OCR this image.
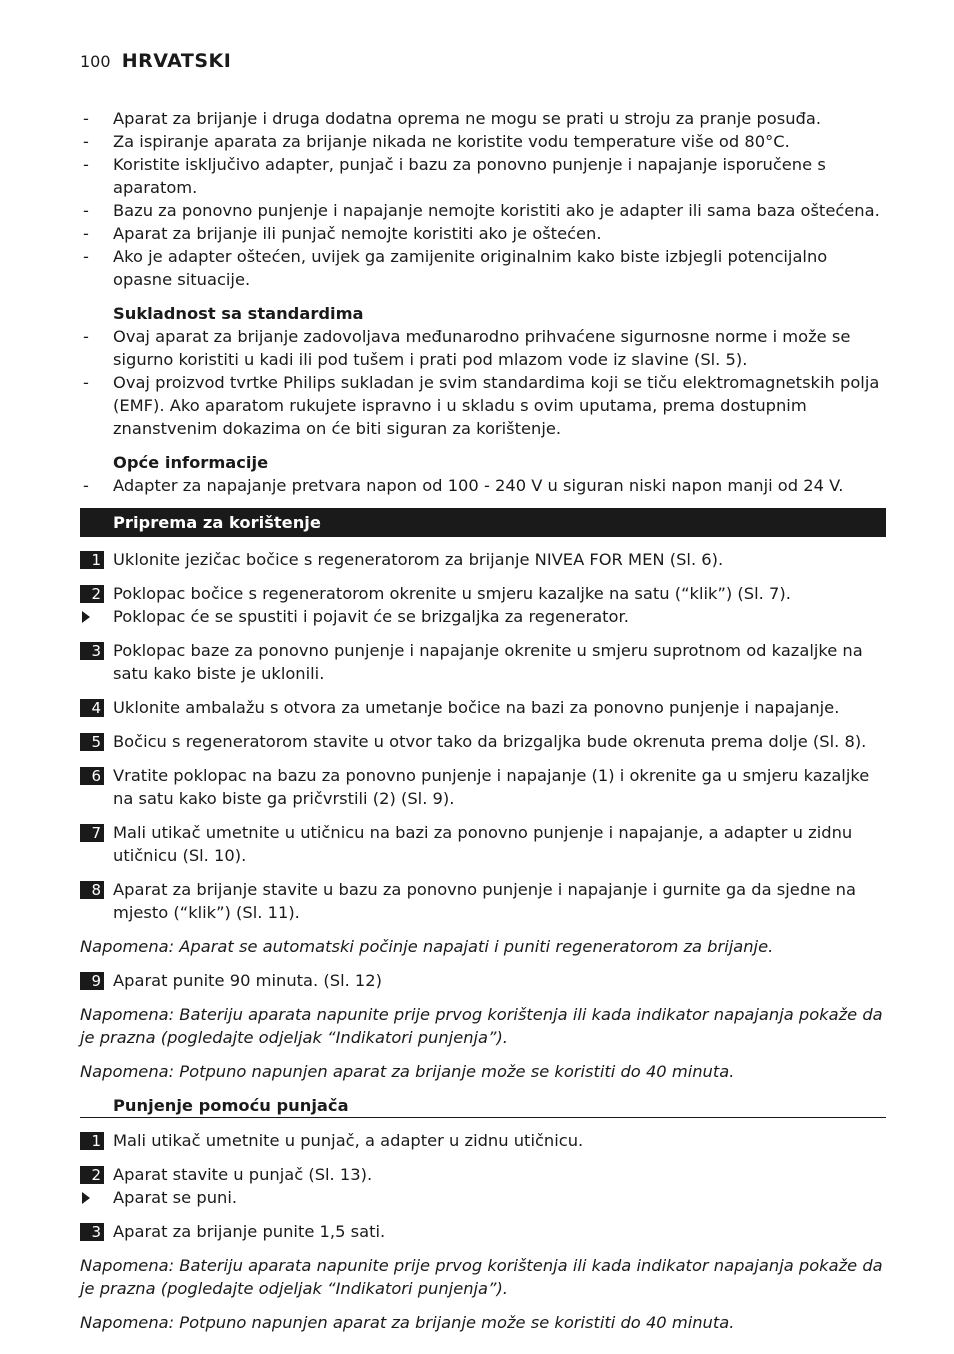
100 HRVATSKI
- Aparat za brijanje i druga dodatna oprema ne mogu se prati u stroju za pranje posuđa.
- Za ispiranje aparata za brijanje nikada ne koristite vodu temperature više od 80°C.
- Koristite isključivo adapter, punjač i bazu za ponovno punjenje i napajanje isporučene s aparatom.
- Bazu za ponovno punjenje i napajanje nemojte koristiti ako je adapter ili sama baza oštećena.
- Aparat za brijanje ili punjač nemojte koristiti ako je oštećen.
- Ako je adapter oštećen, uvijek ga zamijenite originalnim kako biste izbjegli potencijalno opasne situacije.
Sukladnost sa standardima
- Ovaj aparat za brijanje zadovoljava međunarodno prihvaćene sigurnosne norme i može se sigurno koristiti u kadi ili pod tušem i prati pod mlazom vode iz slavine (Sl. 5).
- Ovaj proizvod tvrtke Philips sukladan je svim standardima koji se tiču elektromagnetskih polja (EMF). Ako aparatom rukujete ispravno i u skladu s ovim uputama, prema dostupnim znanstvenim dokazima on će biti siguran za korištenje.
Opće informacije
- Adapter za napajanje pretvara napon od 100 - 240 V u siguran niski napon manji od 24 V.
Priprema za korištenje
1 Uklonite jezičac bočice s regeneratorom za brijanje NIVEA FOR MEN (Sl. 6).
2 Poklopac bočice s regeneratorom okrenite u smjeru kazaljke na satu (“klik”) (Sl. 7).
Poklopac će se spustiti i pojavit će se brizgaljka za regenerator.
3 Poklopac baze za ponovno punjenje i napajanje okrenite u smjeru suprotnom od kazaljke na satu kako biste je uklonili.
4 Uklonite ambalažu s otvora za umetanje bočice na bazi za ponovno punjenje i napajanje.
5 Bočicu s regeneratorom stavite u otvor tako da brizgaljka bude okrenuta prema dolje (Sl. 8).
6 Vratite poklopac na bazu za ponovno punjenje i napajanje (1) i okrenite ga u smjeru kazaljke na satu kako biste ga pričvrstili (2) (Sl. 9).
7 Mali utikač umetnite u utičnicu na bazi za ponovno punjenje i napajanje, a adapter u zidnu utičnicu (Sl. 10).
8 Aparat za brijanje stavite u bazu za ponovno punjenje i napajanje i gurnite ga da sjedne na mjesto (“klik”) (Sl. 11).
Napomena: Aparat se automatski počinje napajati i puniti regeneratorom za brijanje.
9 Aparat punite 90 minuta. (Sl. 12)
Napomena: Bateriju aparata napunite prije prvog korištenja ili kada indikator napajanja pokaže da je prazna (pogledajte odjeljak “Indikatori punjenja”).
Napomena: Potpuno napunjen aparat za brijanje može se koristiti do 40 minuta.
Punjenje pomoću punjača
1 Mali utikač umetnite u punjač, a adapter u zidnu utičnicu.
2 Aparat stavite u punjač (Sl. 13).
Aparat se puni.
3 Aparat za brijanje punite 1,5 sati.
Napomena: Bateriju aparata napunite prije prvog korištenja ili kada indikator napajanja pokaže da je prazna (pogledajte odjeljak “Indikatori punjenja”).
Napomena: Potpuno napunjen aparat za brijanje može se koristiti do 40 minuta.
